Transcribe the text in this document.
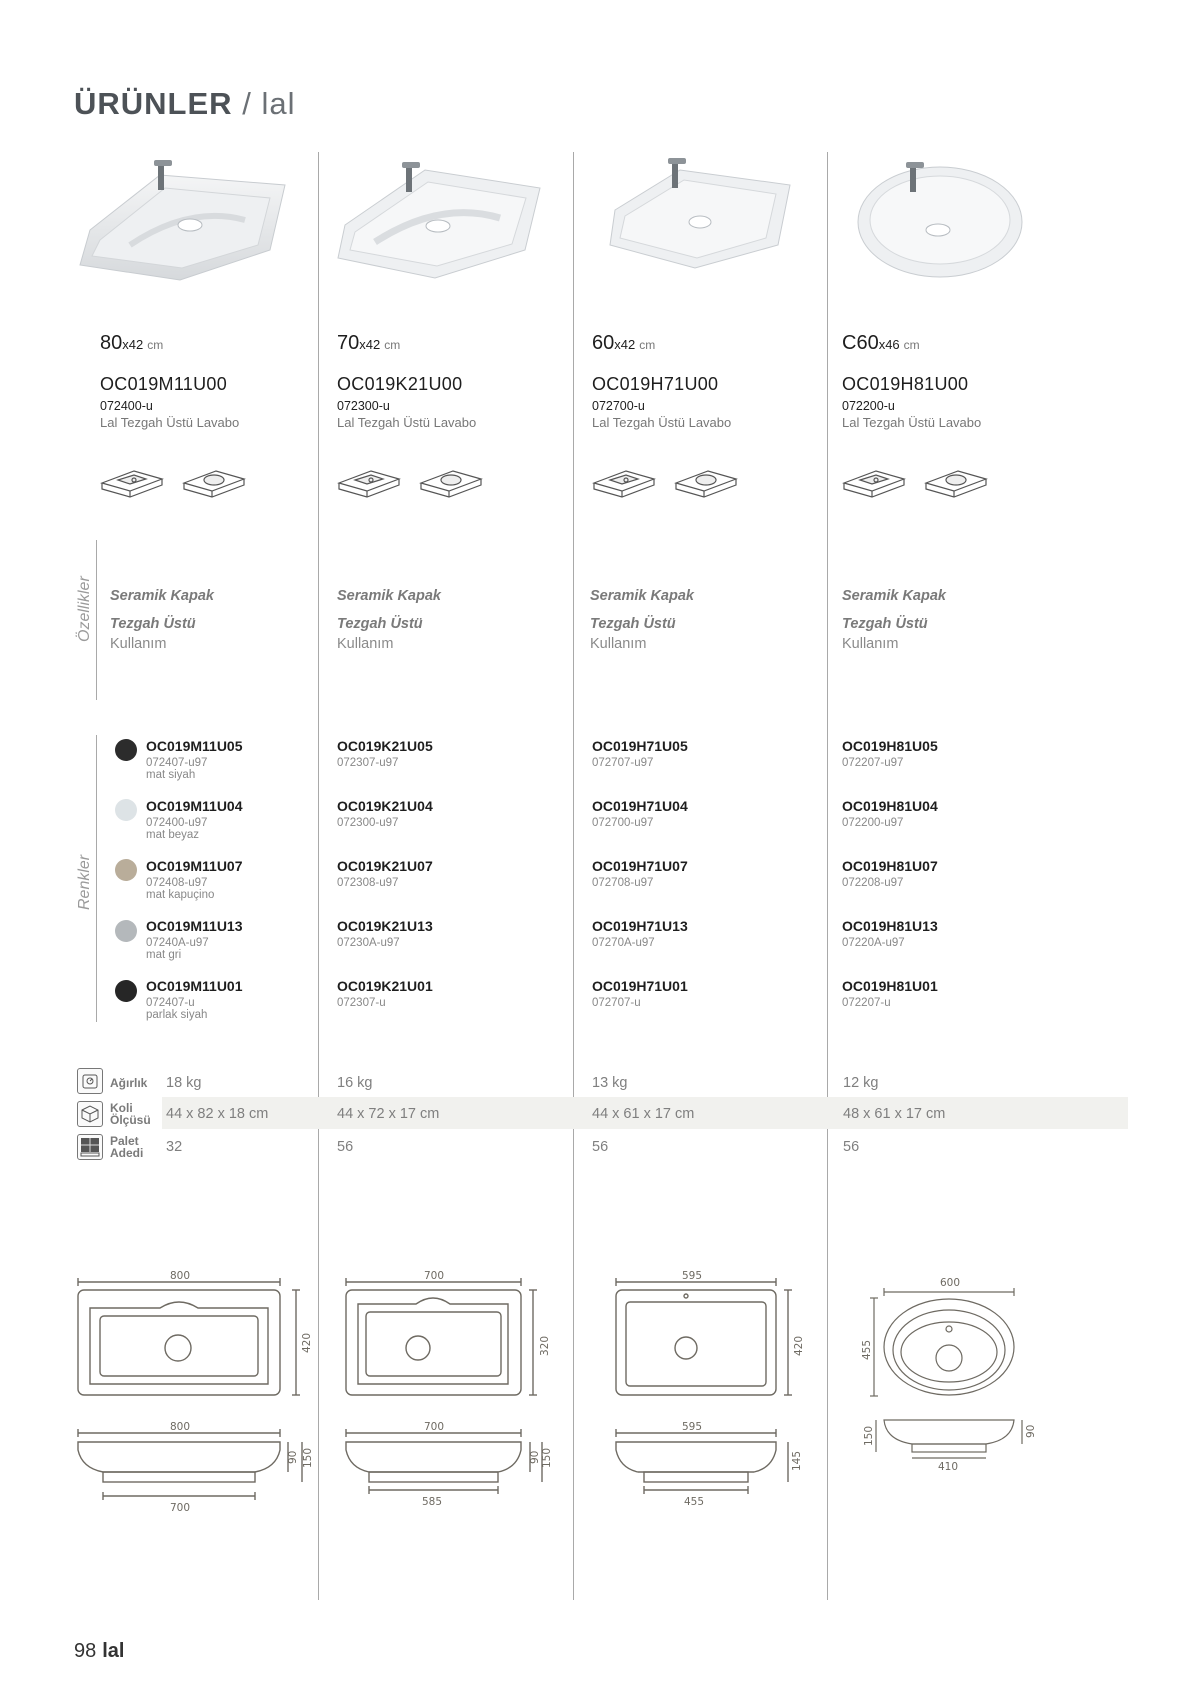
ÜRÜNLER / lal
Özellikler
Renkler
80x42 cm
OC019M11U00
072400-u
Lal Tezgah Üstü Lavabo
70x42 cm
OC019K21U00
072300-u
Lal Tezgah Üstü Lavabo
60x42 cm
OC019H71U00
072700-u
Lal Tezgah Üstü Lavabo
C60x46 cm
OC019H81U00
072200-u
Lal Tezgah Üstü Lavabo
Seramik Kapak
Tezgah Üstü
Kullanım
Seramik Kapak
Tezgah Üstü
Kullanım
Seramik Kapak
Tezgah Üstü
Kullanım
Seramik Kapak
Tezgah Üstü
Kullanım
OC019M11U05
072407-u97
mat siyah
OC019M11U04
072400-u97
mat beyaz
OC019M11U07
072408-u97
mat kapuçino
OC019M11U13
07240A-u97
mat gri
OC019M11U01
072407-u
parlak siyah
OC019K21U05
072307-u97
OC019K21U04
072300-u97
OC019K21U07
072308-u97
OC019K21U13
07230A-u97
OC019K21U01
072307-u
OC019H71U05
072707-u97
OC019H71U04
072700-u97
OC019H71U07
072708-u97
OC019H71U13
07270A-u97
OC019H71U01
072707-u
OC019H81U05
072207-u97
OC019H81U04
072200-u97
OC019H81U07
072208-u97
OC019H81U13
07220A-u97
OC019H81U01
072207-u
Ağırlık
Koli
Ölçüsü
Palet
Adedi
18 kg
44 x 82 x 18 cm
32
16 kg
44 x 72 x 17 cm
56
13 kg
44 x 61 x 17 cm
56
12 kg
48 x 61 x 17 cm
56
800
420
800
700
90 150
700
320
700
585
90 150
595
420
595
455
145
600
455
410
150	90
98 lal
